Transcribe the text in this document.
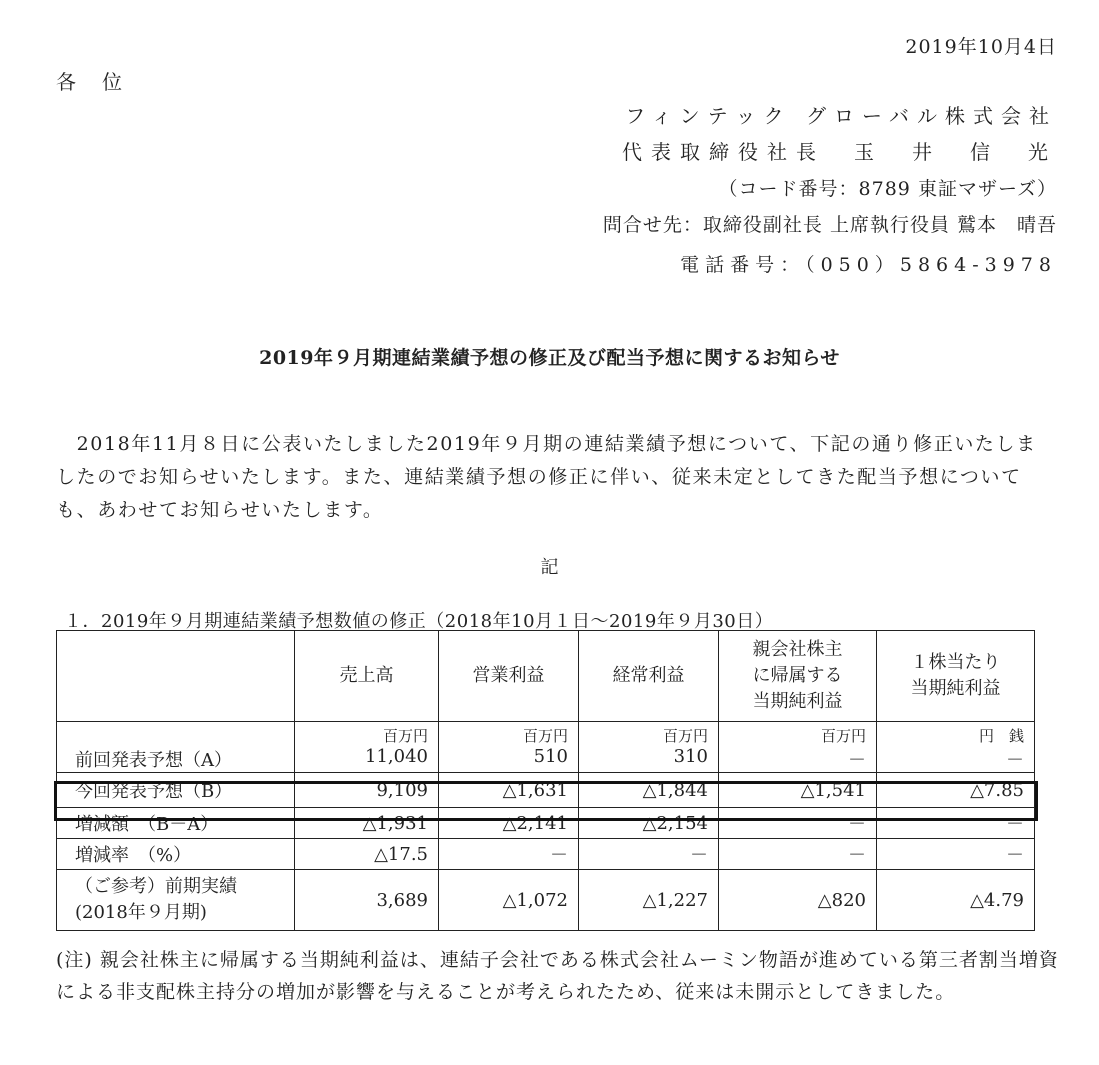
2019年10月4日
各位
フィンテック グローバル株式会社
代表取締役社長　玉　井　信　光
（コード番号：8789 東証マザーズ）
問合せ先：取締役副社長 上席執行役員 鷲本　晴吾
電話番号：（050）5864-3978
2019年９月期連結業績予想の修正及び配当予想に関するお知らせ
　2018年11月８日に公表いたしました2019年９月期の連結業績予想について、下記の通り修正いたしましたのでお知らせいたします。また、連結業績予想の修正に伴い、従来未定としてきた配当予想についても、あわせてお知らせいたします。
記
１．2019年９月期連結業績予想数値の修正（2018年10月１日～2019年９月30日）
	売上高	営業利益	経常利益	親会社株主
に帰属する
当期純利益	１株当たり
当期純利益
	百万円	百万円	百万円	百万円	円　銭
前回発表予想（A）	11,040	510	310	－	－
今回発表予想（B）	9,109	△1,631	△1,844	△1,541	△7.85
増減額　（B－A）	△1,931	△2,141	△2,154	－	－
増減率　（%）	△17.5	－	－	－	－
（ご参考）前期実績
(2018年９月期)	3,689	△1,072	△1,227	△820	△4.79
(注) 親会社株主に帰属する当期純利益は、連結子会社である株式会社ムーミン物語が進めている第三者割当増資による非支配株主持分の増加が影響を与えることが考えられたため、従来は未開示としてきました。
